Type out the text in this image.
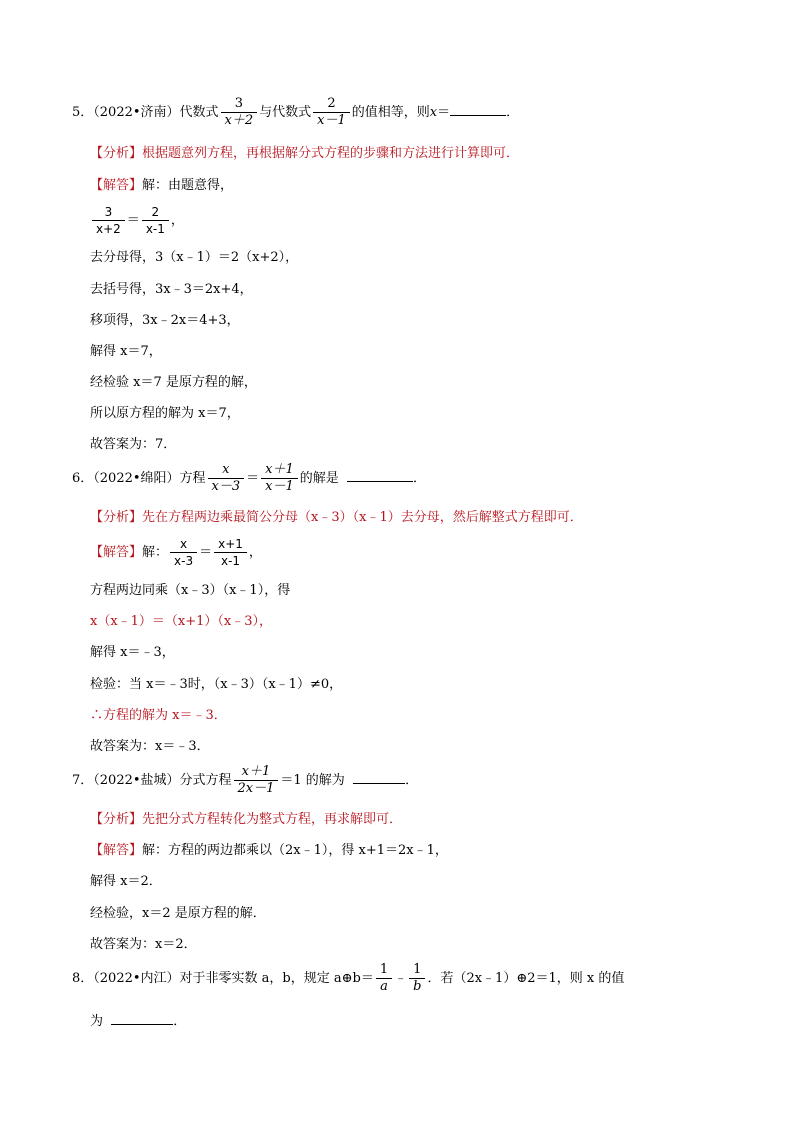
5．（2022•济南）代数式 $\frac{3}{x+2}$ 与代数式 $\frac{2}{x-1}$ 的值相等，则x＝	．
【分析】根据题意列方程，再根据解分式方程的步骤和方法进行计算即可．
【解答】解：由题意得，
$\frac{3}{x+2} = \frac{2}{x-1}$ ，
去分母得，3（x﹣1）＝2（x+2），
去括号得，3x﹣3＝2x+4，
移项得，3x﹣2x＝4+3，
解得 x＝7，
经检验 x＝7 是原方程的解，
所以原方程的解为 x＝7，
故答案为：7．
6．（2022•绵阳）方程 $\frac{x}{x-3} = \frac{x+1}{x-1}$ 的解是	．
【分析】先在方程两边乘最简公分母（x﹣3）（x﹣1）去分母，然后解整式方程即可．
【解答】解： $\frac{x}{x-3} = \frac{x+1}{x-1}$ ，
方程两边同乘（x﹣3）（x﹣1），得
x（x﹣1）＝（x+1）（x﹣3），
解得 x＝﹣3，
检验：当 x＝﹣3时，（x﹣3）（x﹣1）≠0，
∴方程的解为 x＝﹣3．
故答案为：x＝﹣3．
7．（2022•盐城）分式方程 $\frac{x+1}{2x-1} =1$ 的解为	．
【分析】先把分式方程转化为整式方程，再求解即可．
【解答】解：方程的两边都乘以（2x﹣1），得 x+1＝2x﹣1，
解得 x＝2．
经检验，x＝2 是原方程的解．
故答案为：x＝2．
8．（2022•内江）对于非零实数 a，b，规定 a⊕b＝ $\frac{1}{a}$ ﹣ $\frac{1}{b}$ ．若（2x﹣1）⊕2＝1，则 x 的值
为	．
